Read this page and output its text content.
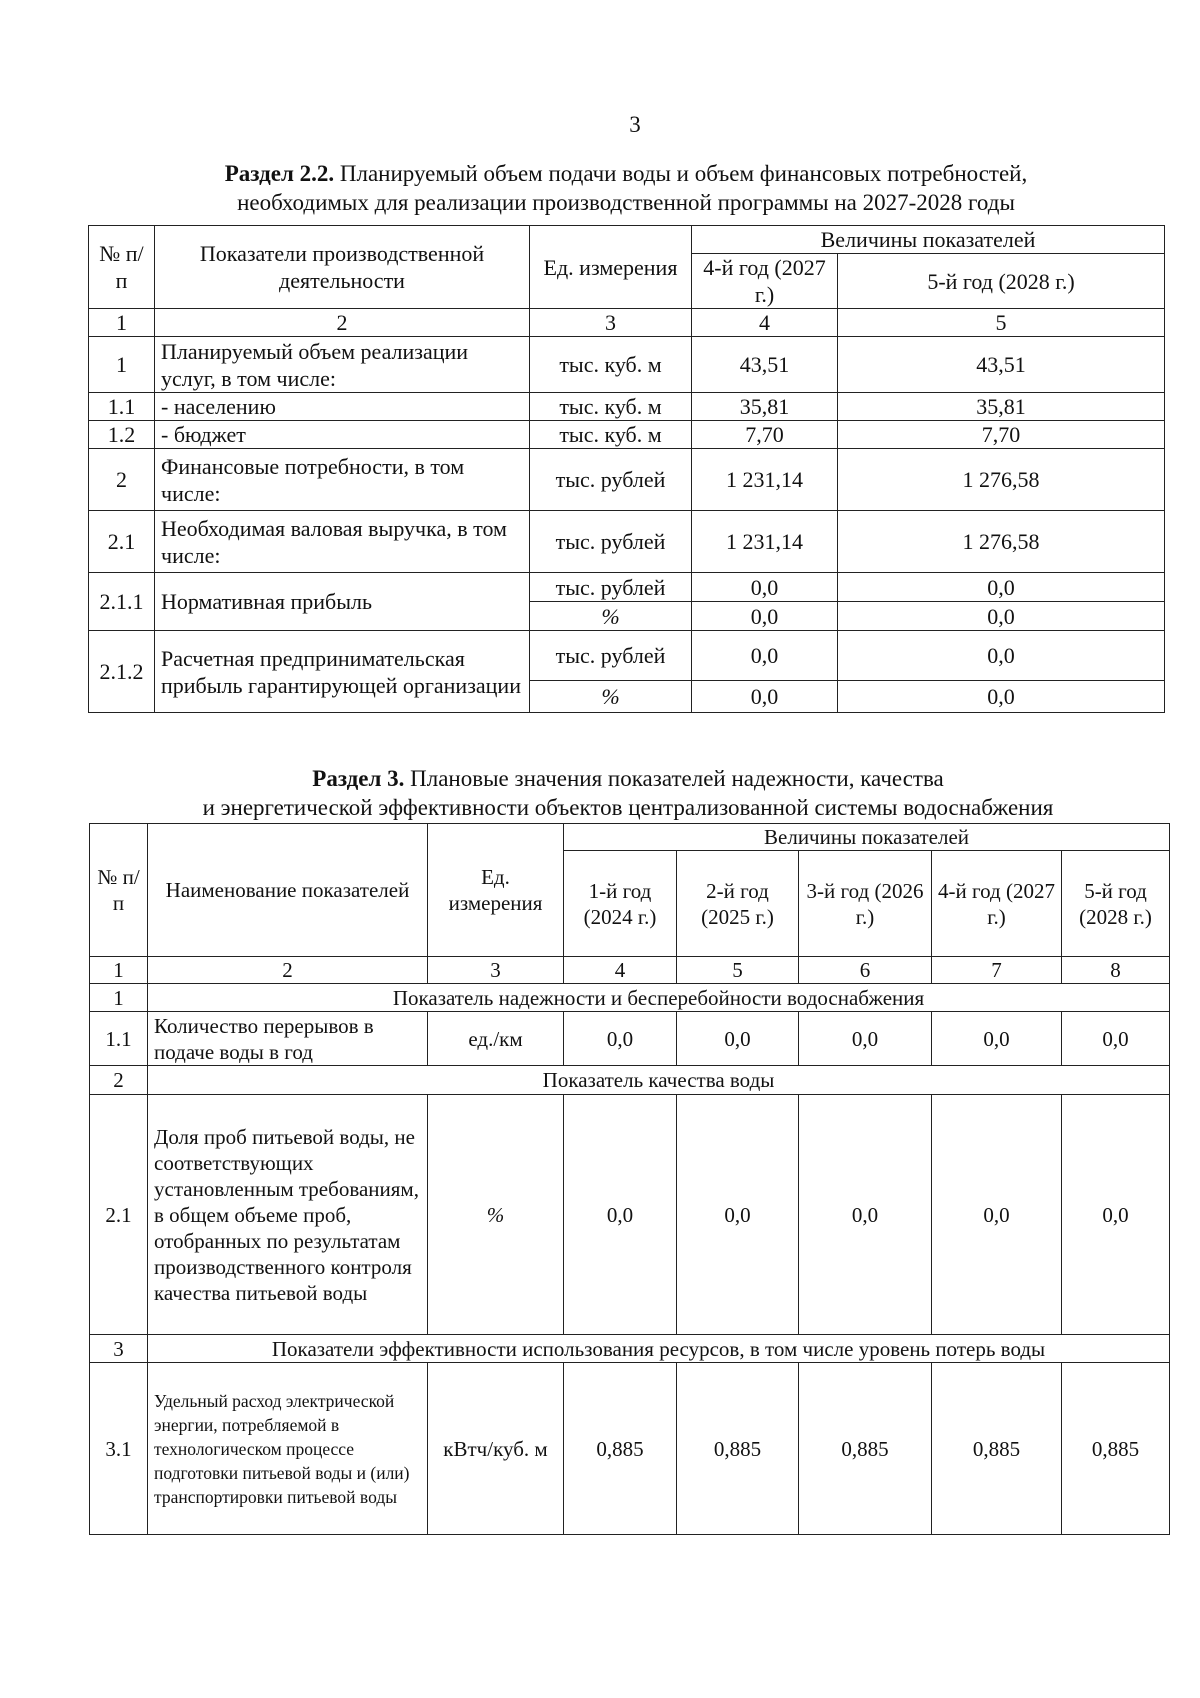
3
Раздел 2.2. Планируемый объем подачи воды и объем финансовых потребностей,
необходимых для реализации производственной программы на 2027-2028 годы
№ п/п	Показатели производственной деятельности	Ед. измерения	Величины показателей	
			4-й год (2027 г.)	5-й год (2028 г.)
1	2	3	4	5
1	Планируемый объем реализации услуг, в том числе:	тыс. куб. м	43,51	43,51
1.1	- населению	тыс. куб. м	35,81	35,81
1.2	- бюджет	тыс. куб. м	7,70	7,70
2	Финансовые потребности, в том числе:	тыс. рублей	1 231,14	1 276,58
2.1	Необходимая валовая выручка, в том числе:	тыс. рублей	1 231,14	1 276,58
2.1.1	Нормативная прибыль	тыс. рублей	0,0	0,0
		%	0,0	0,0
2.1.2	Расчетная предпринимательская прибыль гарантирующей организации	тыс. рублей	0,0	0,0
		%	0,0	0,0
Раздел 3. Плановые значения показателей надежности, качества
и энергетической эффективности объектов централизованной системы водоснабжения
№ п/п	Наименование показателей	Ед. измерения	Величины показателей				
			1-й год (2024 г.)	2-й год (2025 г.)	3-й год (2026 г.)	4-й год (2027 г.)	5-й год (2028 г.)
1	2	3	4	5	6	7	8
1	Показатель надежности и бесперебойности водоснабжения						
1.1	Количество перерывов в подаче воды в год	ед./км	0,0	0,0	0,0	0,0	0,0
2	Показатель качества воды						
2.1	Доля проб питьевой воды, не соответствующих установленным требованиям, в общем объеме проб, отобранных по результатам производственного контроля качества питьевой воды	%	0,0	0,0	0,0	0,0	0,0
3	Показатели эффективности использования ресурсов, в том числе уровень потерь воды						
3.1	Удельный расход электрической энергии, потребляемой в технологическом процессе подготовки питьевой воды и (или) транспортировки питьевой воды	кВтч/куб. м	0,885	0,885	0,885	0,885	0,885
